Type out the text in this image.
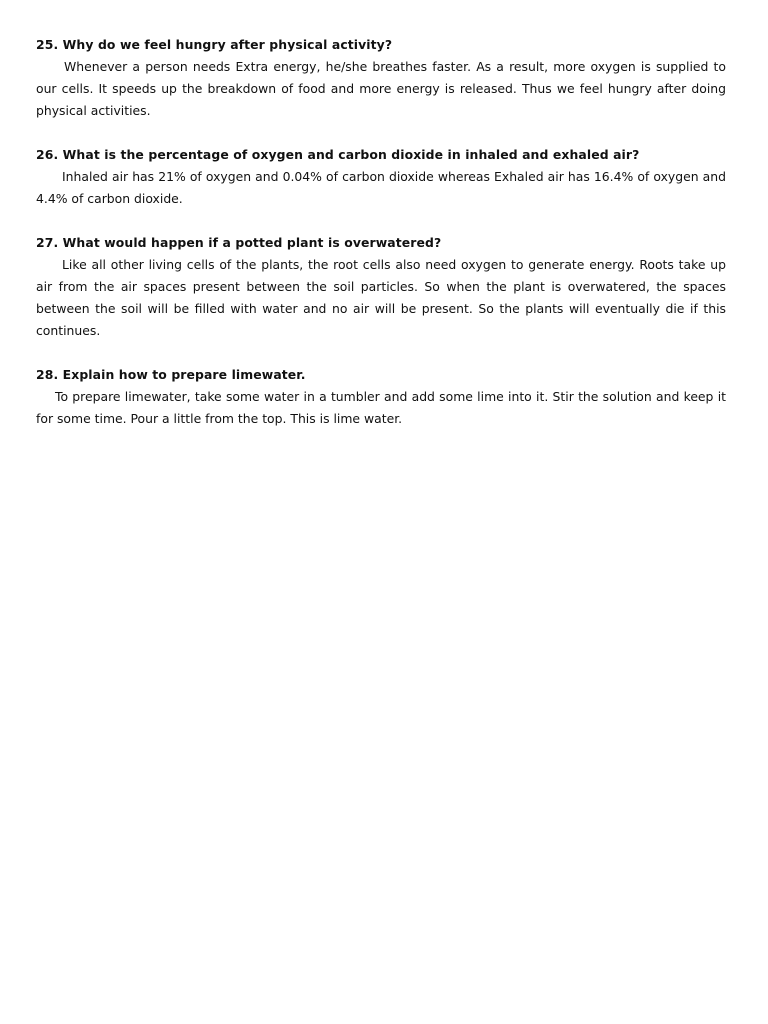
25. Why do we feel hungry after physical activity?

Whenever a person needs Extra energy, he/she breathes faster. As a result, more oxygen is supplied to our cells. It speeds up the breakdown of food and more energy is released. Thus we feel hungry after doing physical activities.

26. What is the percentage of oxygen and carbon dioxide in inhaled and exhaled air?

Inhaled air has 21% of oxygen and 0.04% of carbon dioxide whereas Exhaled air has 16.4% of oxygen and 4.4% of carbon dioxide.

27. What would happen if a potted plant is overwatered?

Like all other living cells of the plants, the root cells also need oxygen to generate energy. Roots take up air from the air spaces present between the soil particles. So when the plant is overwatered, the spaces between the soil will be filled with water and no air will be present. So the plants will eventually die if this continues.

28. Explain how to prepare limewater.

To prepare limewater, take some water in a tumbler and add some lime into it. Stir the solution and keep it for some time. Pour a little from the top. This is lime water.
